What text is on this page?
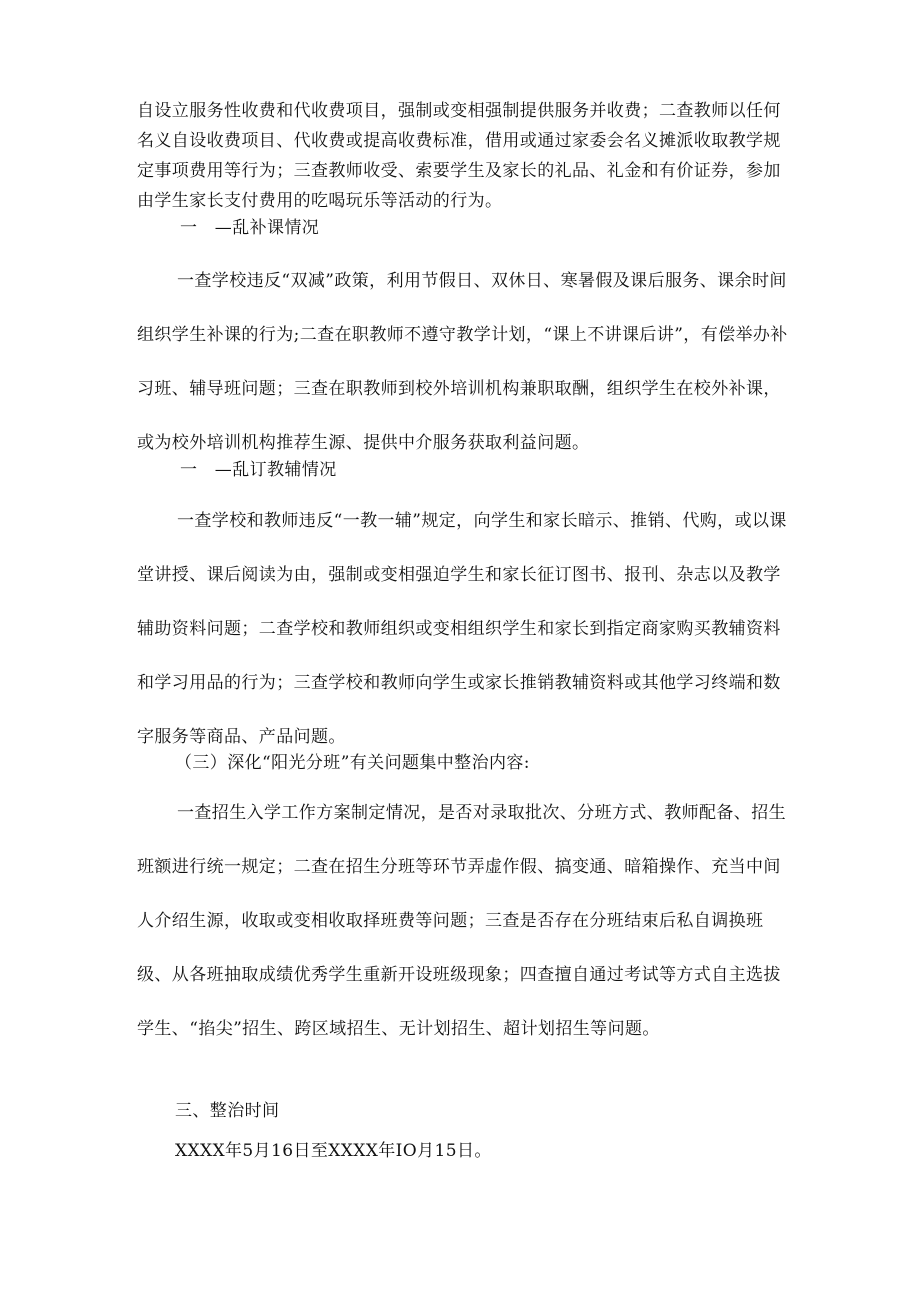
自设立服务性收费和代收费项目，强制或变相强制提供服务并收费；二查教师以任何名义自设收费项目、代收费或提高收费标准，借用或通过家委会名义摊派收取教学规定事项费用等行为；三查教师收受、索要学生及家长的礼品、礼金和有价证券，参加由学生家长支付费用的吃喝玩乐等活动的行为。
一　—乱补课情况
一查学校违反“双减”政策，利用节假日、双休日、寒暑假及课后服务、课余时间组织学生补课的行为;二查在职教师不遵守教学计划，“课上不讲课后讲”，有偿举办补习班、辅导班问题；三查在职教师到校外培训机构兼职取酬，组织学生在校外补课，或为校外培训机构推荐生源、提供中介服务获取利益问题。
一　—乱订教辅情况
一查学校和教师违反“一教一辅”规定，向学生和家长暗示、推销、代购，或以课堂讲授、课后阅读为由，强制或变相强迫学生和家长征订图书、报刊、杂志以及教学辅助资料问题；二查学校和教师组织或变相组织学生和家长到指定商家购买教辅资料和学习用品的行为；三查学校和教师向学生或家长推销教辅资料或其他学习终端和数字服务等商品、产品问题。
（三）深化“阳光分班”有关问题集中整治内容:
一查招生入学工作方案制定情况，是否对录取批次、分班方式、教师配备、招生班额进行统一规定；二查在招生分班等环节弄虚作假、搞变通、暗箱操作、充当中间人介绍生源，收取或变相收取择班费等问题；三查是否存在分班结束后私自调换班级、从各班抽取成绩优秀学生重新开设班级现象；四查擅自通过考试等方式自主选拔学生、“掐尖”招生、跨区域招生、无计划招生、超计划招生等问题。
三、整治时间
XXXX年5月16日至XXXX年IO月15日。
